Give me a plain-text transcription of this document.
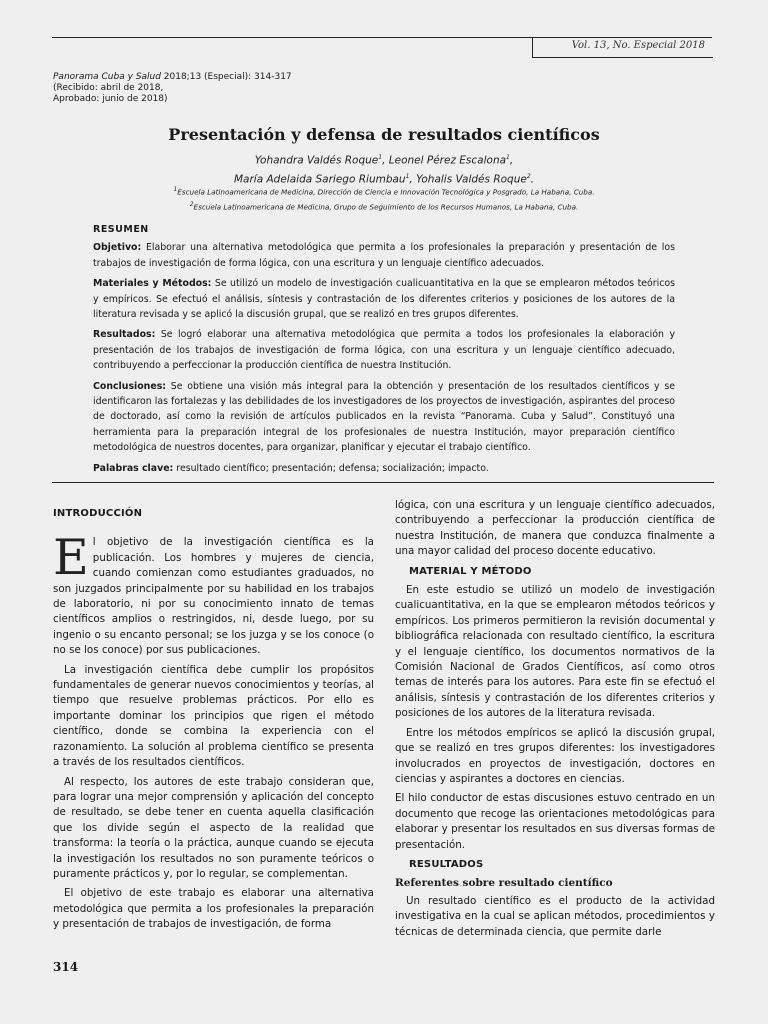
Vol. 13, No. Especial 2018
Panorama Cuba y Salud 2018;13 (Especial): 314-317
(Recibido: abril de 2018,
Aprobado: junio de 2018)
Presentación y defensa de resultados científicos
Yohandra Valdés Roque$^1$, Leonel Pérez Escalona$^1$,
María Adelaida Sariego Riumbau$^1$, Yohalis Valdés Roque$^2$.
$^1$Escuela Latinoamericana de Medicina, Dirección de Ciencia e Innovación Tecnológica y Posgrado, La Habana, Cuba.
$^2$Escuela Latinoamericana de Medicina, Grupo de Seguimiento de los Recursos Humanos, La Habana, Cuba.
RESUMEN

Objetivo: Elaborar una alternativa metodológica que permita a los profesionales la preparación y presentación de los trabajos de investigación de forma lógica, con una escritura y un lenguaje científico adecuados.

Materiales y Métodos: Se utilizó un modelo de investigación cualicuantitativa en la que se emplearon métodos teóricos y empíricos. Se efectuó el análisis, síntesis y contrastación de los diferentes criterios y posiciones de los autores de la literatura revisada y se aplicó la discusión grupal, que se realizó en tres grupos diferentes.

Resultados: Se logró elaborar una alternativa metodológica que permita a todos los profesionales la elaboración y presentación de los trabajos de investigación de forma lógica, con una escritura y un lenguaje científico adecuado, contribuyendo a perfeccionar la producción científica de nuestra Institución.

Conclusiones: Se obtiene una visión más integral para la obtención y presentación de los resultados científicos y se identificaron las fortalezas y las debilidades de los investigadores de los proyectos de investigación, aspirantes del proceso de doctorado, así como la revisión de artículos publicados en la revista “Panorama. Cuba y Salud”. Constituyó una herramienta para la preparación integral de los profesionales de nuestra Institución, mayor preparación científico metodológica de nuestros docentes, para organizar, planificar y ejecutar el trabajo científico.

Palabras clave: resultado científico; presentación; defensa; socialización; impacto.

INTRODUCCIÓN

El objetivo de la investigación científica es la publicación. Los hombres y mujeres de ciencia, cuando comienzan como estudiantes graduados, no son juzgados principalmente por su habilidad en los trabajos de laboratorio, ni por su conocimiento innato de temas científicos amplios o restringidos, ni, desde luego, por su ingenio o su encanto personal; se los juzga y se los conoce (o no se los conoce) por sus publicaciones.

La investigación científica debe cumplir los propósitos fundamentales de generar nuevos conocimientos y teorías, al tiempo que resuelve problemas prácticos. Por ello es importante dominar los principios que rigen el método científico, donde se combina la experiencia con el razonamiento. La solución al problema científico se presenta a través de los resultados científicos.

Al respecto, los autores de este trabajo consideran que, para lograr una mejor comprensión y aplicación del concepto de resultado, se debe tener en cuenta aquella clasificación que los divide según el aspecto de la realidad que transforma: la teoría o la práctica, aunque cuando se ejecuta la investigación los resultados no son puramente teóricos o puramente prácticos y, por lo regular, se complementan.

El objetivo de este trabajo es elaborar una alternativa metodológica que permita a los profesionales la preparación y presentación de trabajos de investigación, de forma

lógica, con una escritura y un lenguaje científico adecuados, contribuyendo a perfeccionar la producción científica de nuestra Institución, de manera que conduzca finalmente a una mayor calidad del proceso docente educativo.

MATERIAL Y MÉTODO

En este estudio se utilizó un modelo de investigación cualicuantitativa, en la que se emplearon métodos teóricos y empíricos. Los primeros permitieron la revisión documental y bibliográfica relacionada con resultado científico, la escritura y el lenguaje científico, los documentos normativos de la Comisión Nacional de Grados Científicos, así como otros temas de interés para los autores. Para este fin se efectuó el análisis, síntesis y contrastación de los diferentes criterios y posiciones de los autores de la literatura revisada.

Entre los métodos empíricos se aplicó la discusión grupal, que se realizó en tres grupos diferentes: los investigadores involucrados en proyectos de investigación, doctores en ciencias y aspirantes a doctores en ciencias.

El hilo conductor de estas discusiones estuvo centrado en un documento que recoge las orientaciones metodológicas para elaborar y presentar los resultados en sus diversas formas de presentación.

RESULTADOS
Referentes sobre resultado científico

Un resultado científico es el producto de la actividad investigativa en la cual se aplican métodos, procedimientos y técnicas de determinada ciencia, que permite darle

314
